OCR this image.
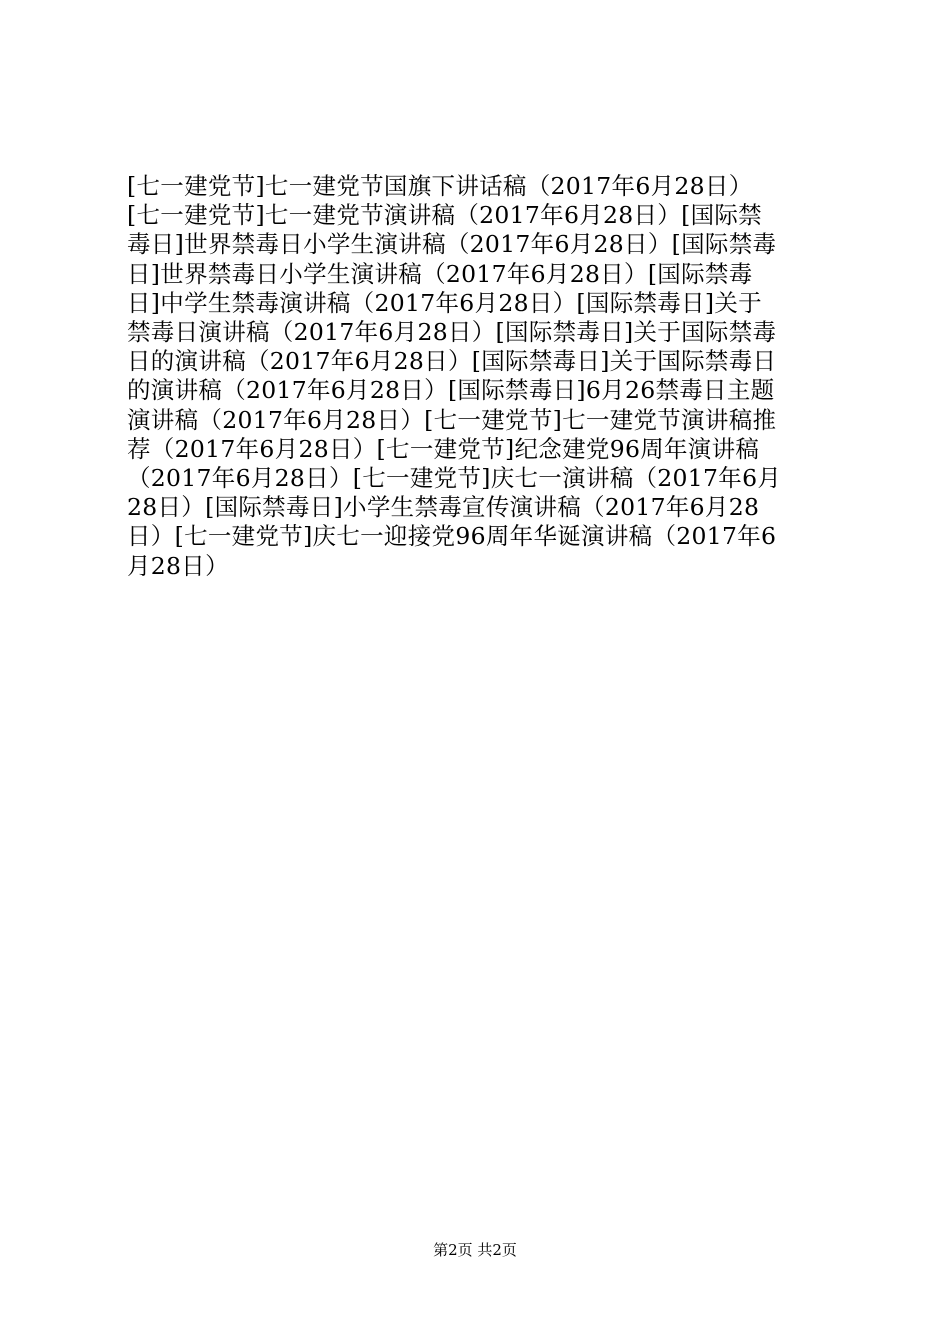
[七一建党节]七一建党节国旗下讲话稿（2017年6月28日）
[七一建党节]七一建党节演讲稿（2017年6月28日）[国际禁
毒日]世界禁毒日小学生演讲稿（2017年6月28日）[国际禁毒
日]世界禁毒日小学生演讲稿（2017年6月28日）[国际禁毒
日]中学生禁毒演讲稿（2017年6月28日）[国际禁毒日]关于
禁毒日演讲稿（2017年6月28日）[国际禁毒日]关于国际禁毒
日的演讲稿（2017年6月28日）[国际禁毒日]关于国际禁毒日
的演讲稿（2017年6月28日）[国际禁毒日]6月26禁毒日主题
演讲稿（2017年6月28日）[七一建党节]七一建党节演讲稿推
荐（2017年6月28日）[七一建党节]纪念建党96周年演讲稿
（2017年6月28日）[七一建党节]庆七一演讲稿（2017年6月
28日）[国际禁毒日]小学生禁毒宣传演讲稿（2017年6月28
日）[七一建党节]庆七一迎接党96周年华诞演讲稿（2017年6
月28日）
第2页 共2页
